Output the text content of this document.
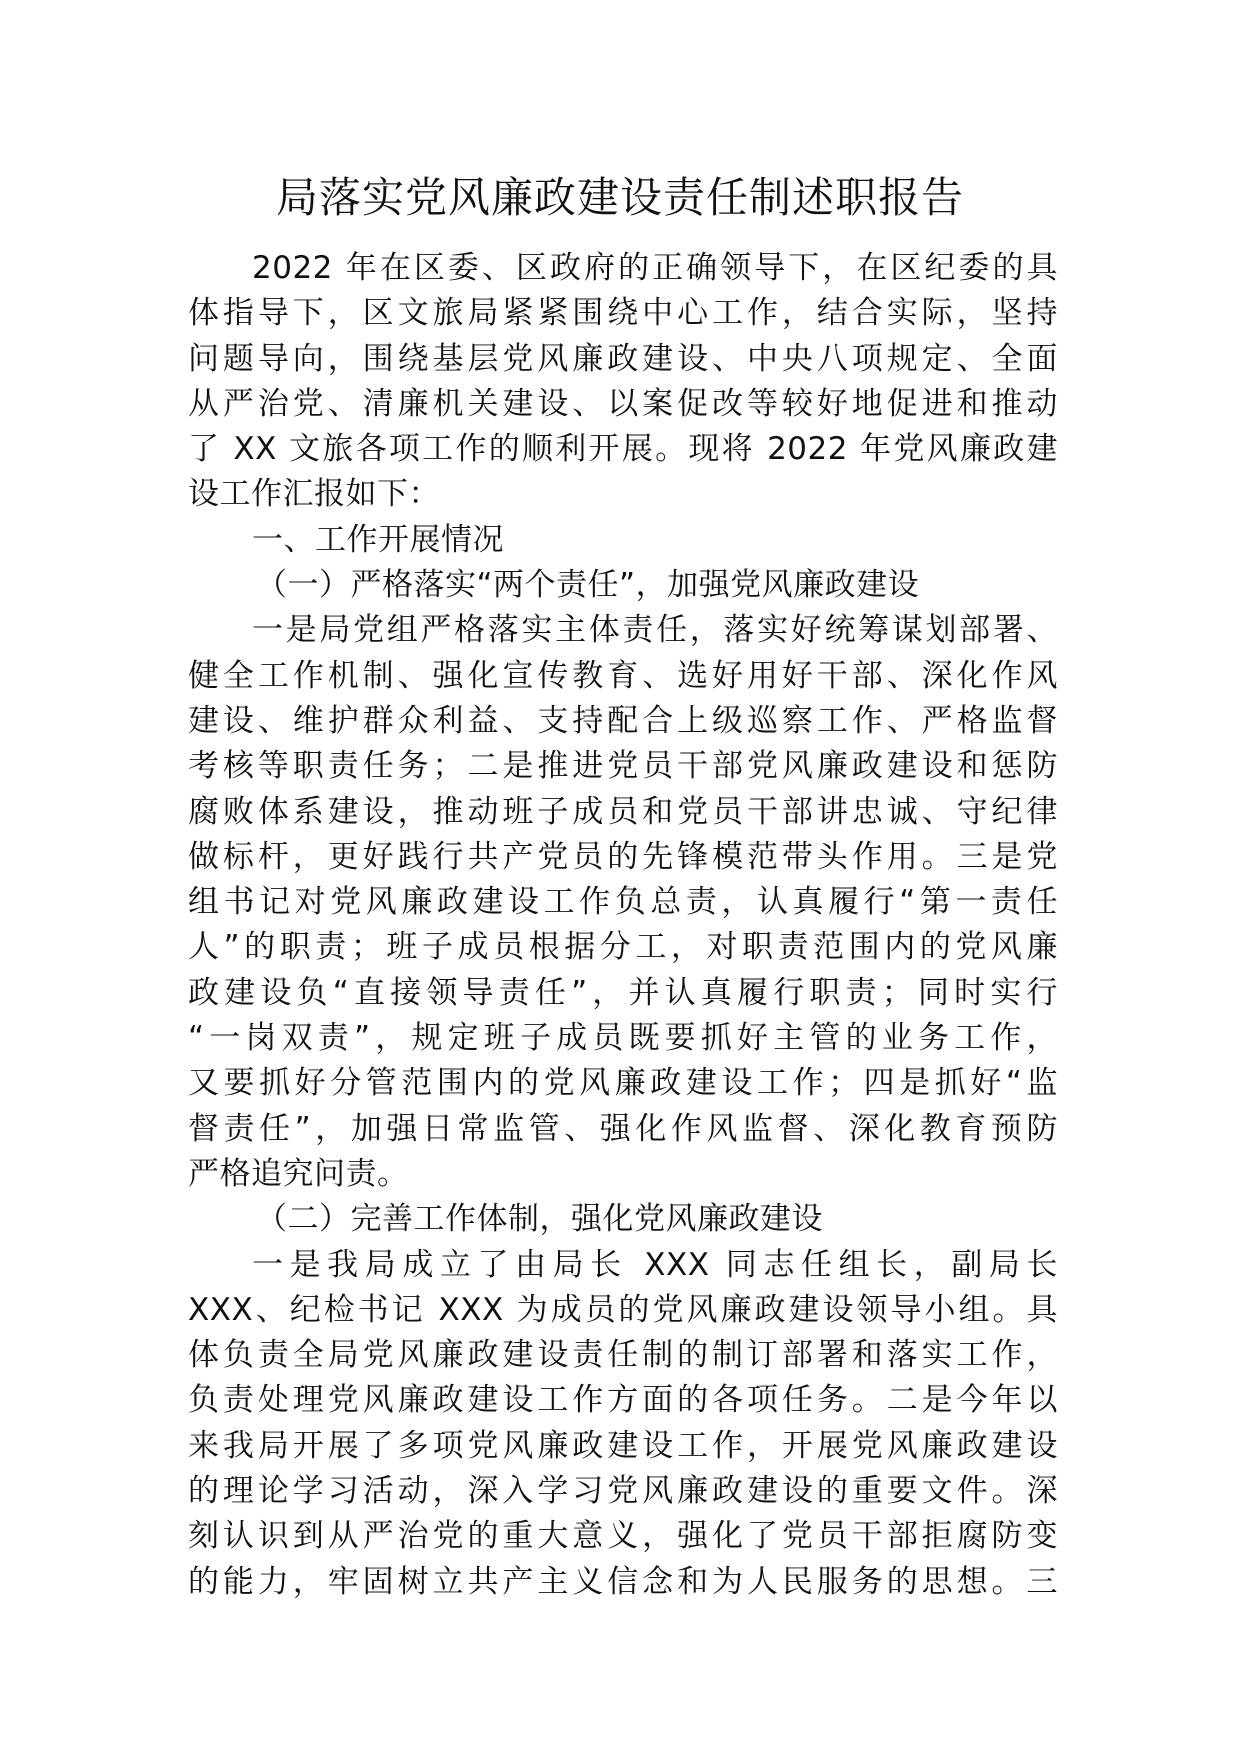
局落实党风廉政建设责任制述职报告
2022 年在区委、区政府的正确领导下，在区纪委的具
体指导下，区文旅局紧紧围绕中心工作，结合实际，坚持
问题导向，围绕基层党风廉政建设、中央八项规定、全面
从严治党、清廉机关建设、以案促改等较好地促进和推动
了 XX 文旅各项工作的顺利开展。现将 2022 年党风廉政建
设工作汇报如下：
一、工作开展情况
（一）严格落实“两个责任”，加强党风廉政建设
一是局党组严格落实主体责任，落实好统筹谋划部署、
健全工作机制、强化宣传教育、选好用好干部、深化作风
建设、维护群众利益、支持配合上级巡察工作、严格监督
考核等职责任务；二是推进党员干部党风廉政建设和惩防
腐败体系建设，推动班子成员和党员干部讲忠诚、守纪律
做标杆，更好践行共产党员的先锋模范带头作用。三是党
组书记对党风廉政建设工作负总责，认真履行“第一责任
人”的职责；班子成员根据分工，对职责范围内的党风廉
政建设负“直接领导责任”，并认真履行职责；同时实行
“一岗双责”，规定班子成员既要抓好主管的业务工作，
又要抓好分管范围内的党风廉政建设工作；四是抓好“监
督责任”，加强日常监管、强化作风监督、深化教育预防
严格追究问责。
（二）完善工作体制，强化党风廉政建设
一是我局成立了由局长 XXX 同志任组长，副局长
XXX、纪检书记 XXX 为成员的党风廉政建设领导小组。具
体负责全局党风廉政建设责任制的制订部署和落实工作，
负责处理党风廉政建设工作方面的各项任务。二是今年以
来我局开展了多项党风廉政建设工作，开展党风廉政建设
的理论学习活动，深入学习党风廉政建设的重要文件。深
刻认识到从严治党的重大意义，强化了党员干部拒腐防变
的能力，牢固树立共产主义信念和为人民服务的思想。三
